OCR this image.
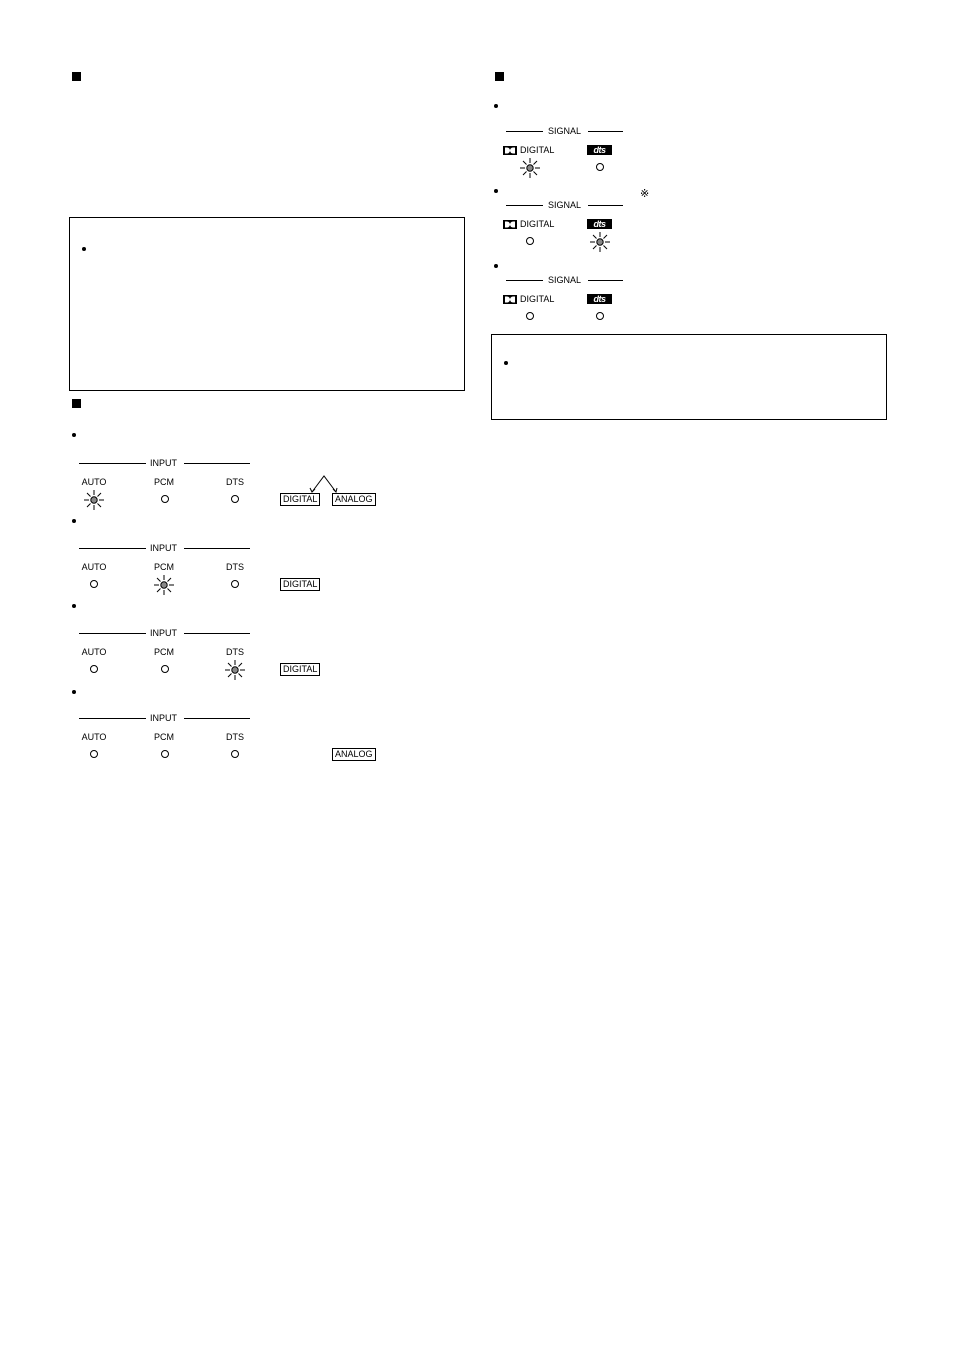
INPUT
AUTO	PCM	DTS
DIGITAL	ANALOG
INPUT
AUTO	PCM	DTS
DIGITAL
INPUT
AUTO	PCM	DTS
DIGITAL
INPUT
AUTO	PCM	DTS
ANALOG
SIGNAL
DIGITAL	dts
※
SIGNAL
DIGITAL	dts
SIGNAL
DIGITAL	dts
